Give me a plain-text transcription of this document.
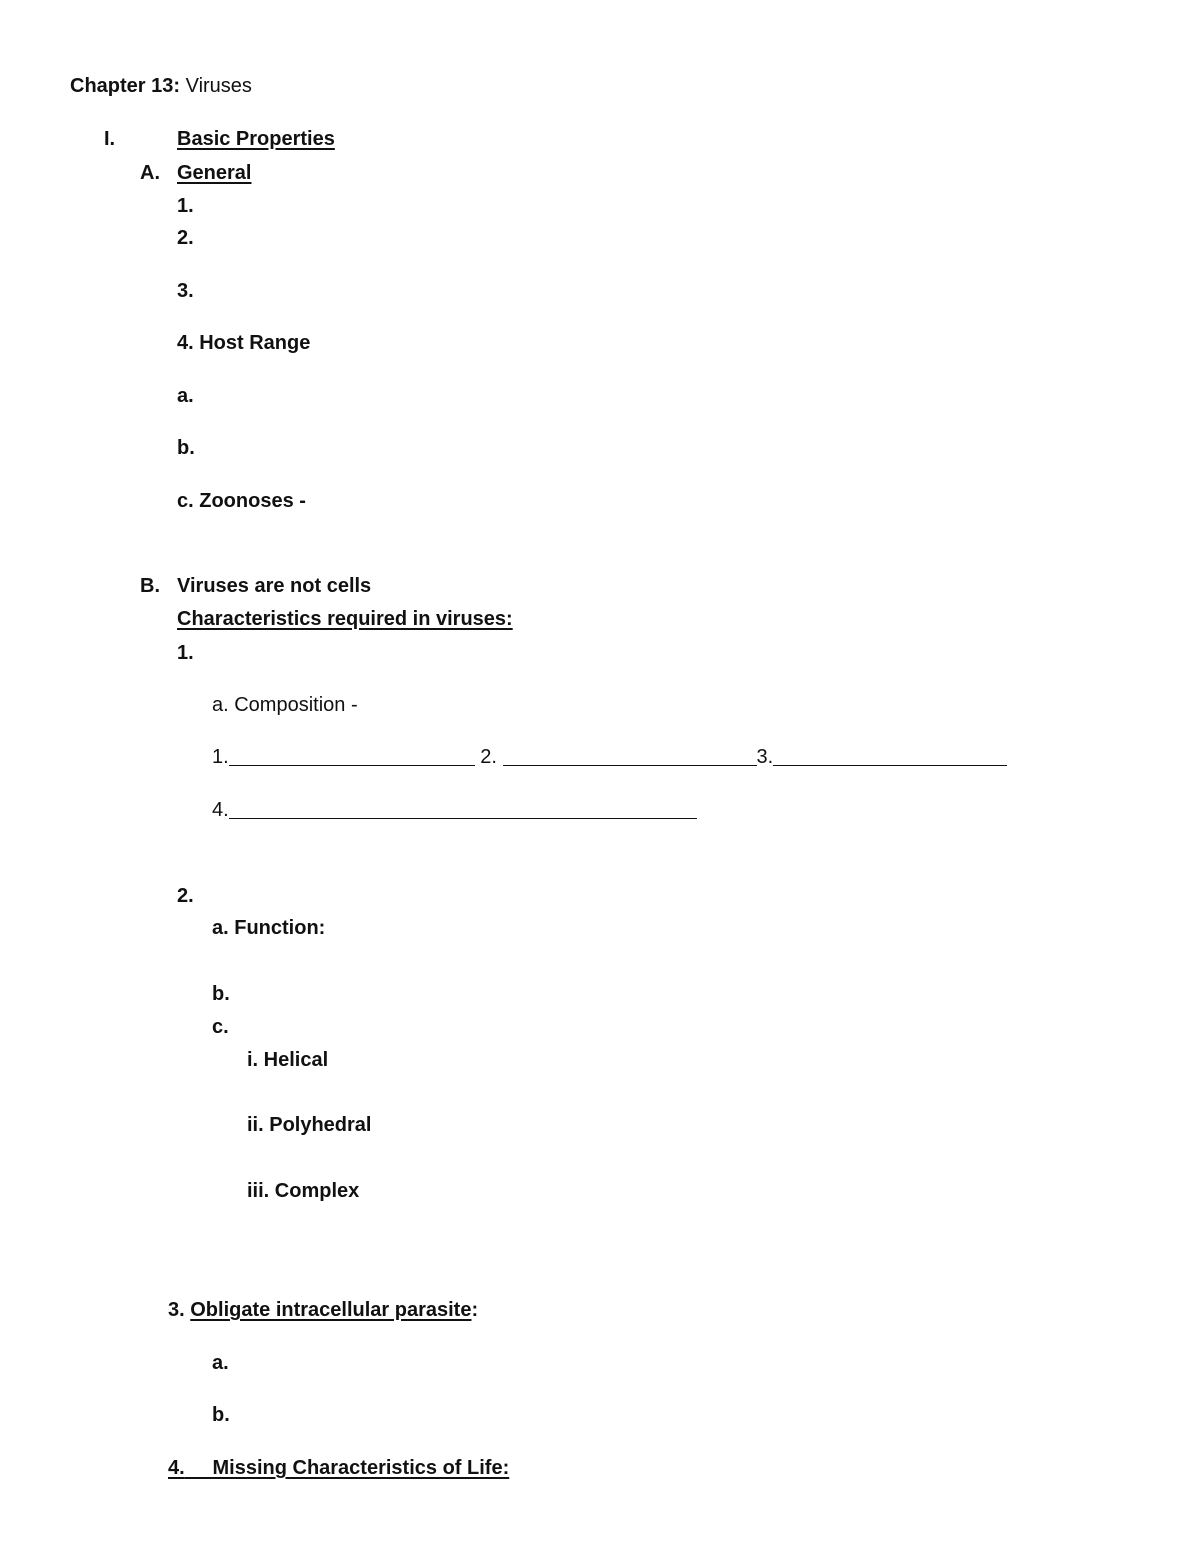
Chapter 13: Viruses
I.	Basic Properties
A. General
1.
2.
3.
4. Host Range
a.
b.
c. Zoonoses -
B. Viruses are not cells
Characteristics required in viruses:
1.
a. Composition -
1.	2.	3.
4.
2.
a. Function:
b.
c.
i. Helical
ii. Polyhedral
iii. Complex
3. Obligate intracellular parasite:
a.
b.
4. Missing Characteristics of Life:
